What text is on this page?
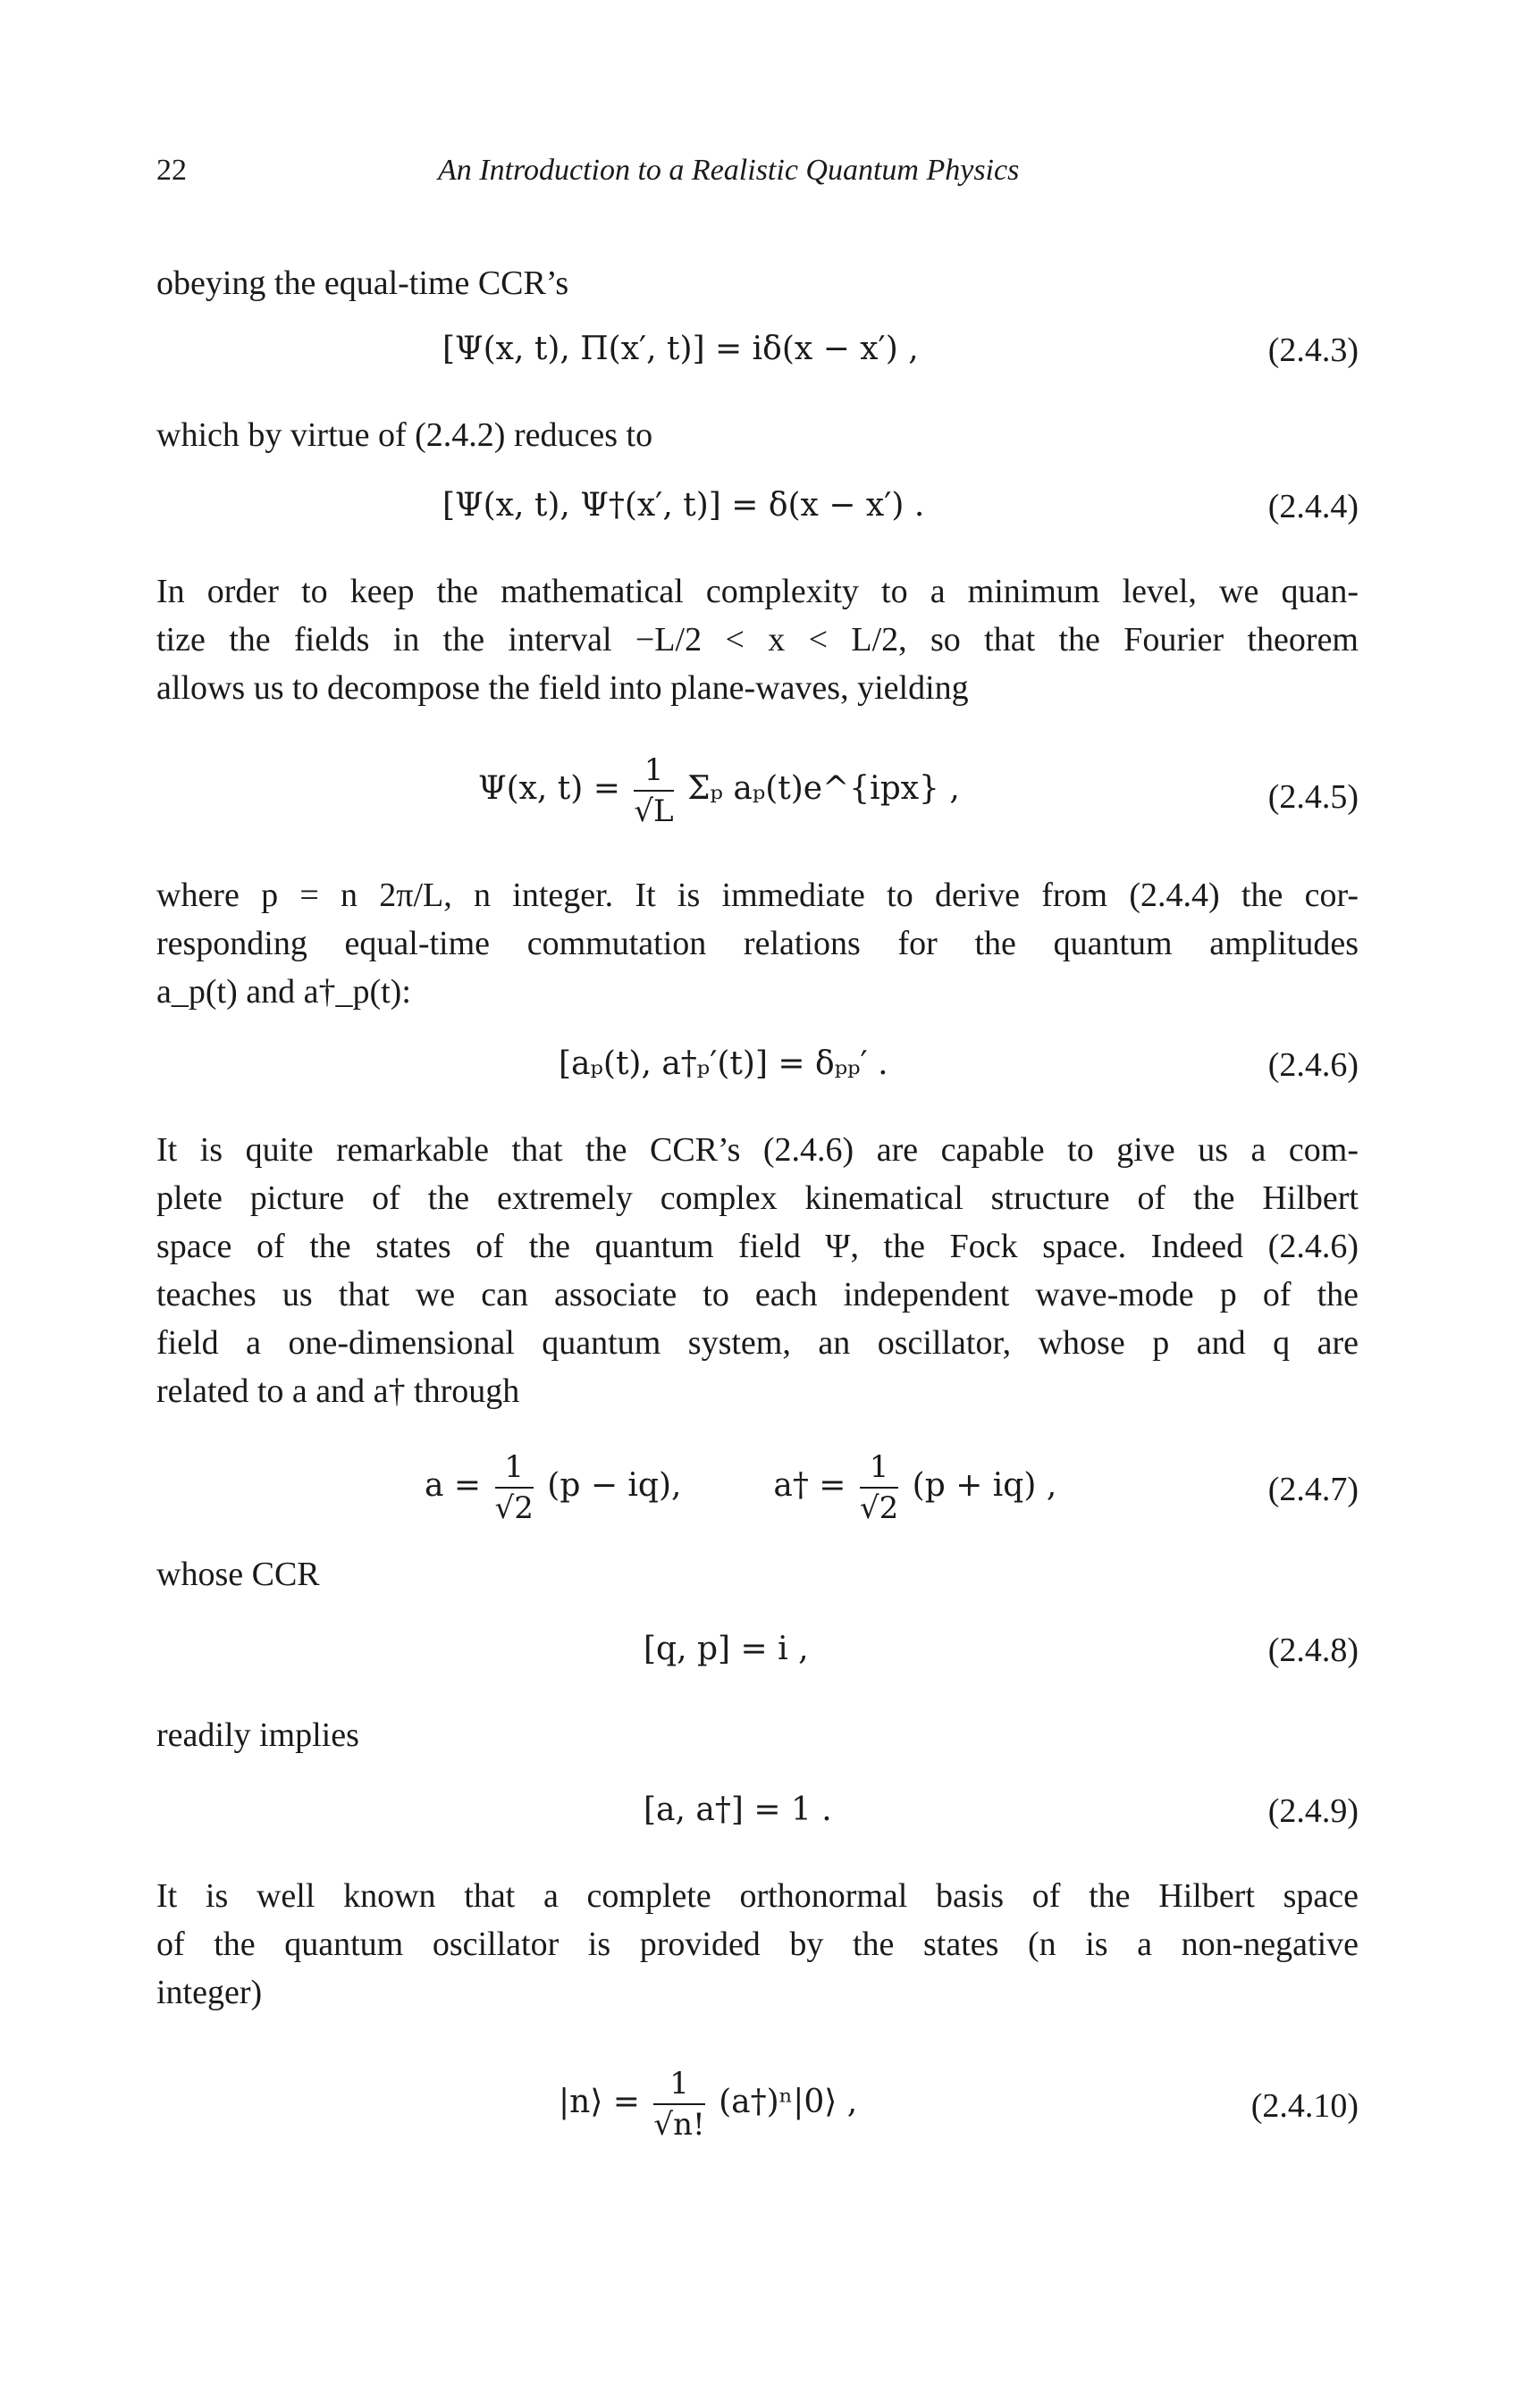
22	An Introduction to a Realistic Quantum Physics
obeying the equal-time CCR’s
[Ψ(x, t), Π(x′, t)] = iδ(x − x′) ,	(2.4.3)
which by virtue of (2.4.2) reduces to
[Ψ(x, t), Ψ†(x′, t)] = δ(x − x′) .	(2.4.4)
In order to keep the mathematical complexity to a minimum level, we quan-
tize the fields in the interval −L/2 < x < L/2, so that the Fourier theorem
allows us to decompose the field into plane-waves, yielding
Ψ(x, $t) = \frac{1}{√L}$ Σₚ aₚ(t)e^{ipx} ,	(2.4.5)
where p = n 2π/L, n integer. It is immediate to derive from (2.4.4) the cor-
responding equal-time commutation relations for the quantum amplitudes
a_p(t) and a†_p(t):
[aₚ(t), a†ₚ′(t)] = δₚₚ′ .	(2.4.6)
It is quite remarkable that the CCR’s (2.4.6) are capable to give us a com-
plete picture of the extremely complex kinematical structure of the Hilbert
space of the states of the quantum field Ψ, the Fock space. Indeed (2.4.6)
teaches us that we can associate to each independent wave-mode p of the
field a one-dimensional quantum system, an oscillator, whose p and q are
related to a and a† through
$a = \frac{1}{√2} (p - iq)$,	a† = $\frac{1}{√2} (p + iq)$ ,	(2.4.7)
whose CCR
[q, p] = i ,	(2.4.8)
readily implies
[a, a†] = 1 .	(2.4.9)
It is well known that a complete orthonormal basis of the Hilbert space
of the quantum oscillator is provided by the states (n is a non-negative
integer)
|n⟩ = $\frac{1}{√n!}$ (a†)ⁿ|0⟩ ,	(2.4.10)
